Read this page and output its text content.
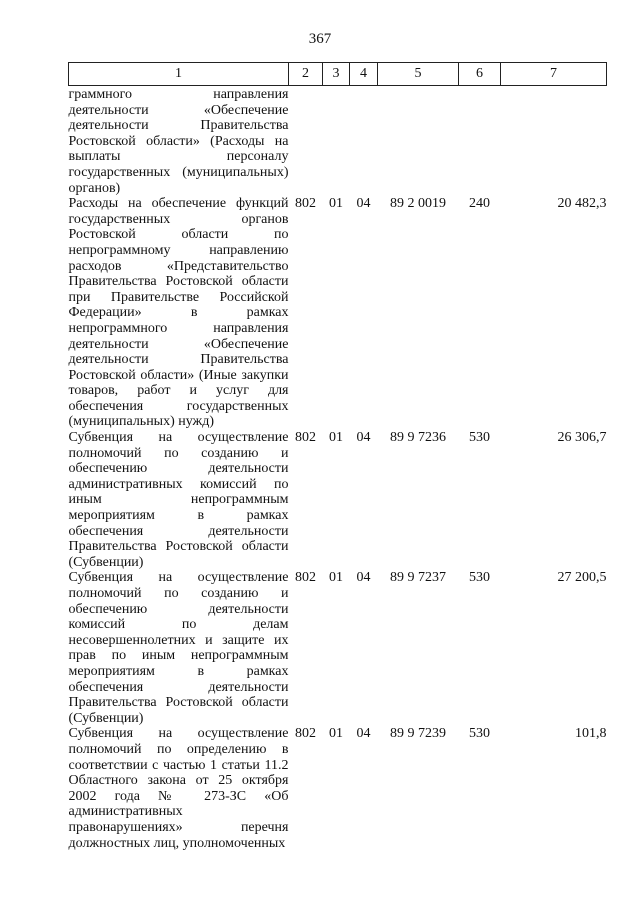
367
1	2	3	4	5	6	7
граммного направления деятельности «Обеспечение деятельности Правительства Ростовской области» (Расходы на выплаты персоналу государственных (муниципальных) органов)						
Расходы на обеспечение функций государственных органов Ростовской области по непрограммному направлению расходов «Представительство Правительства Ростовской области при Правительстве Российской Федерации» в рамках непрограммного направления деятельности «Обеспечение деятельности Правительства Ростовской области» (Иные закупки товаров, работ и услуг для обеспечения государственных (муниципальных) нужд)	802	01	04	89 2 0019	240	20 482,3
Субвенция на осуществление полномочий по созданию и обеспечению деятельности административных комиссий по иным непрограммным мероприятиям в рамках обеспечения деятельности Правительства Ростовской области (Субвенции)	802	01	04	89 9 7236	530	26 306,7
Субвенция на осуществление полномочий по созданию и обеспечению деятельности комиссий по делам несовершеннолетних и защите их прав по иным непрограммным мероприятиям в рамках обеспечения деятельности Правительства Ростовской области (Субвенции)	802	01	04	89 9 7237	530	27 200,5
Субвенция на осуществление полномочий по определению в соответствии с частью 1 статьи 11.2 Областного закона от 25 октября 2002 года № 273-ЗС «Об административных правонарушениях» перечня должностных лиц, уполномоченных	802	01	04	89 9 7239	530	101,8
